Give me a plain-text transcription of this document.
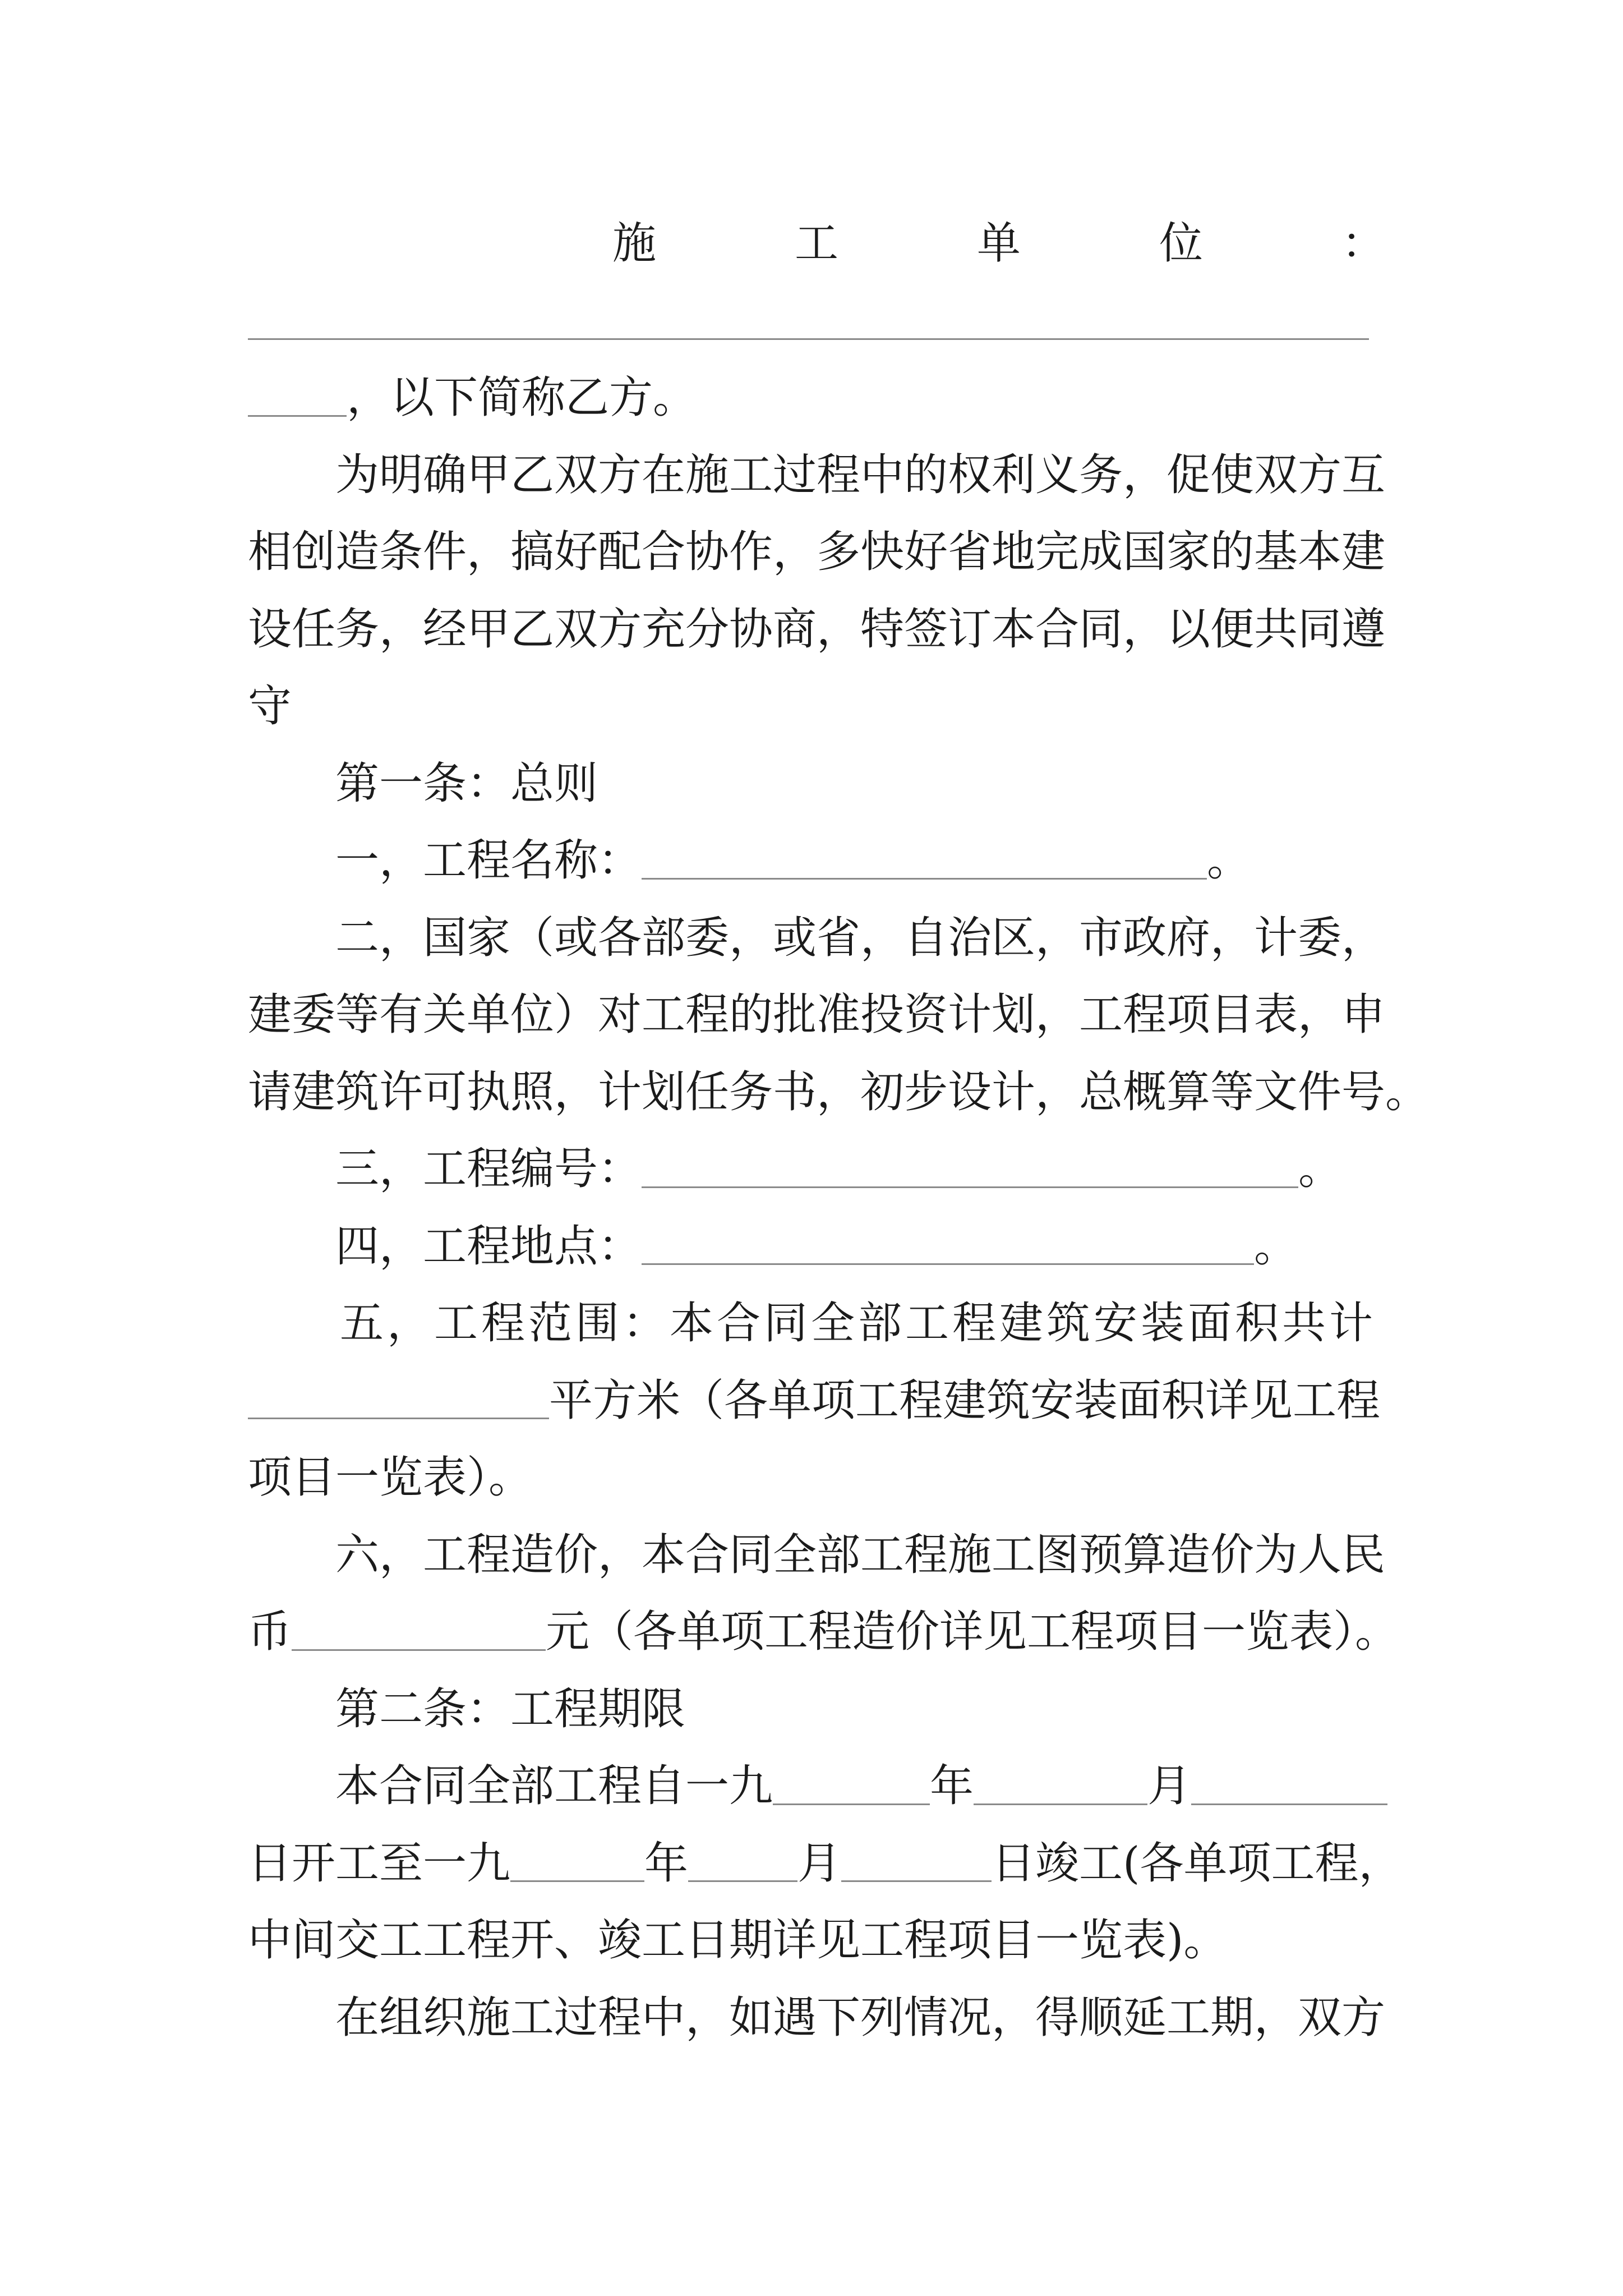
施工单位：
，以下简称乙方。
为明确甲乙双方在施工过程中的权利义务，促使双方互
相创造条件，搞好配合协作，多快好省地完成国家的基本建
设任务，经甲乙双方充分协商，特签订本合同，以便共同遵
守
第一条：总则
一，工程名称：	。
二，国家（或各部委，或省，自治区，市政府，计委，
建委等有关单位）对工程的批准投资计划，工程项目表，申
请建筑许可执照，计划任务书，初步设计，总概算等文件号。
三，工程编号：	。
四，工程地点：	。
五，工程范围：本合同全部工程建筑安装面积共计
平方米（各单项工程建筑安装面积详见工程
项目一览表）。
六，工程造价，本合同全部工程施工图预算造价为人民
币	元（各单项工程造价详见工程项目一览表）。
第二条：工程期限
本合同全部工程自一九	年	月
日开工至一九	年	月	日竣工(各单项工程，
中间交工工程开、竣工日期详见工程项目一览表)。
在组织施工过程中，如遇下列情况，得顺延工期，双方
